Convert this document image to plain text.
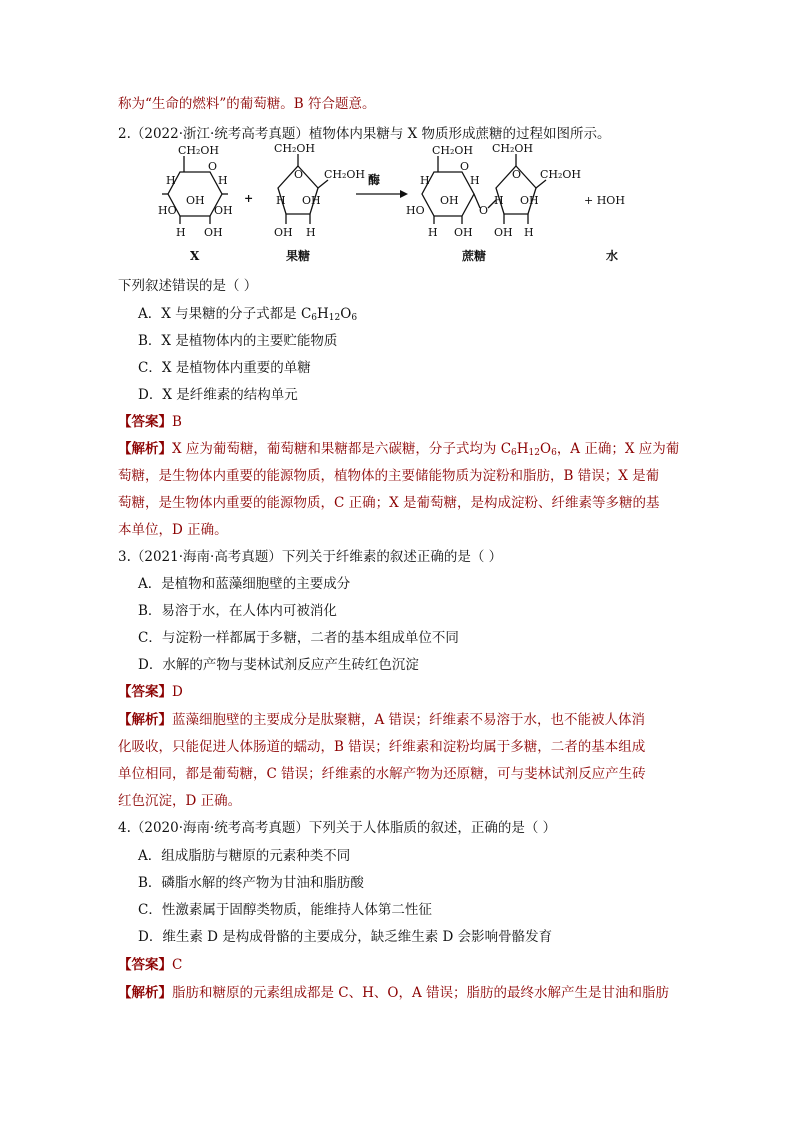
称为“生命的燃料”的葡萄糖。B 符合题意。
2.（2022·浙江·统考高考真题）植物体内果糖与 X 物质形成蔗糖的过程如图所示。
CH₂OH
O
H	H
HO
OH
OH
H OH
X
+
CH₂OH
CH₂OH
O
H OH
OH H
果糖
酶
CH₂OH
O
H	H
HO
OH
H OH
O
CH₂OH
CH₂OH
O
H OH
OH H
蔗糖
+ HOH
水
下列叙述错误的是（ ）
A．X 与果糖的分子式都是 $C_6H_{12}O_6$
B．X 是植物体内的主要贮能物质
C．X 是植物体内重要的单糖
D．X 是纤维素的结构单元
【答案】B
【解析】X 应为葡萄糖，葡萄糖和果糖都是六碳糖，分子式均为 $C_6H_{12}O_6$，A 正确；X 应为葡
萄糖，是生物体内重要的能源物质，植物体的主要储能物质为淀粉和脂肪，B 错误；X 是葡
萄糖，是生物体内重要的能源物质，C 正确；X 是葡萄糖，是构成淀粉、纤维素等多糖的基
本单位，D 正确。
3.（2021·海南·高考真题）下列关于纤维素的叙述正确的是（ ）
A．是植物和蓝藻细胞壁的主要成分
B．易溶于水，在人体内可被消化
C．与淀粉一样都属于多糖，二者的基本组成单位不同
D．水解的产物与斐林试剂反应产生砖红色沉淀
【答案】D
【解析】蓝藻细胞壁的主要成分是肽聚糖，A 错误；纤维素不易溶于水，也不能被人体消
化吸收，只能促进人体肠道的蠕动，B 错误；纤维素和淀粉均属于多糖，二者的基本组成
单位相同，都是葡萄糖，C 错误；纤维素的水解产物为还原糖，可与斐林试剂反应产生砖
红色沉淀，D 正确。
4.（2020·海南·统考高考真题）下列关于人体脂质的叙述，正确的是（ ）
A．组成脂肪与糖原的元素种类不同
B．磷脂水解的终产物为甘油和脂肪酸
C．性激素属于固醇类物质，能维持人体第二性征
D．维生素 D 是构成骨骼的主要成分，缺乏维生素 D 会影响骨骼发育
【答案】C
【解析】脂肪和糖原的元素组成都是 C、H、O，A 错误；脂肪的最终水解产生是甘油和脂肪
